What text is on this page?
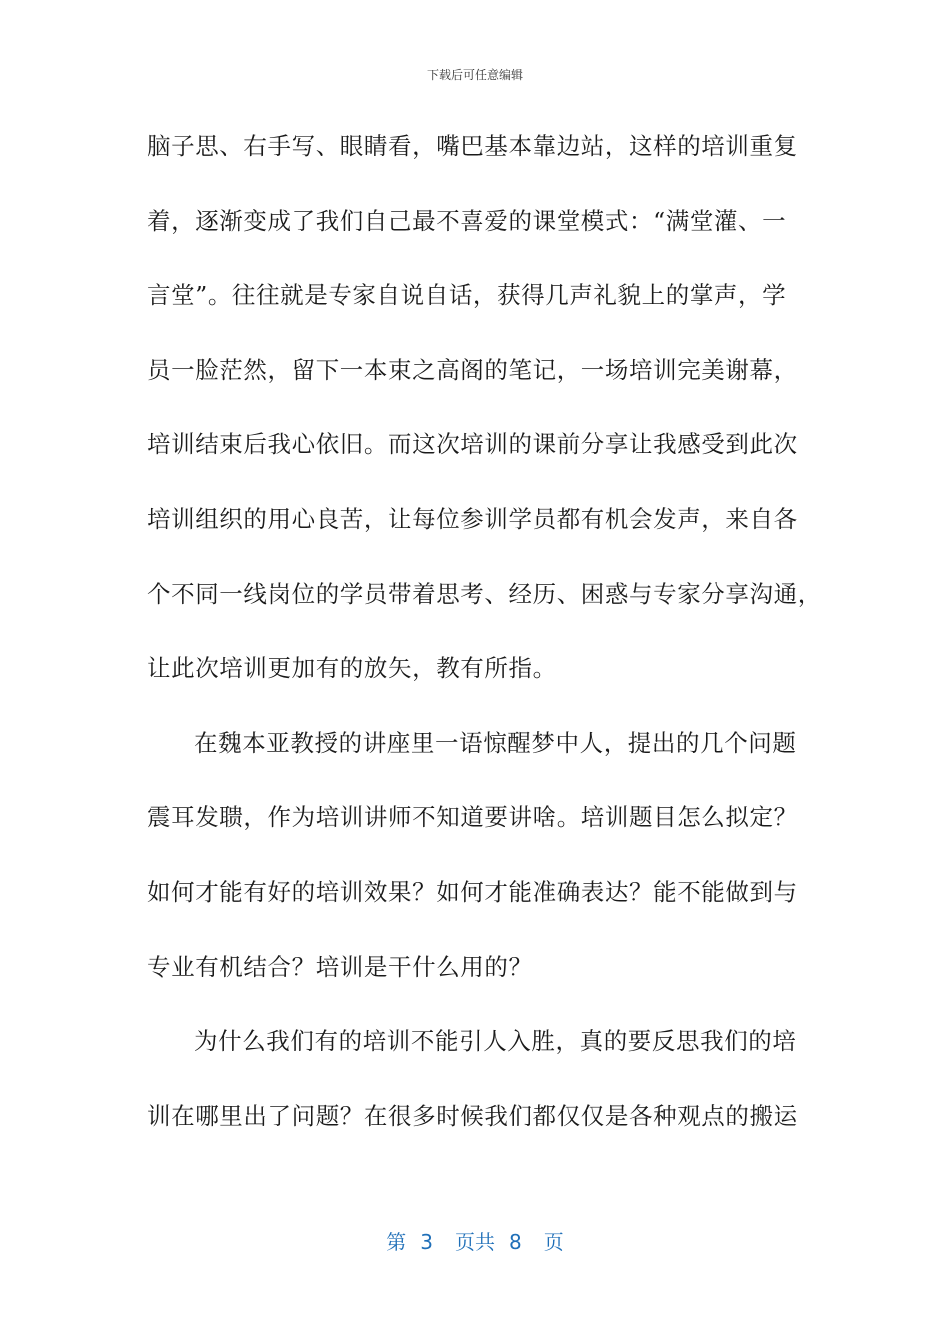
下载后可任意编辑
脑子思、右手写、眼睛看，嘴巴基本靠边站，这样的培训重复
着，逐渐变成了我们自己最不喜爱的课堂模式：“满堂灌、一
言堂”。往往就是专家自说自话，获得几声礼貌上的掌声，学
员一脸茫然，留下一本束之高阁的笔记，一场培训完美谢幕，
培训结束后我心依旧。而这次培训的课前分享让我感受到此次
培训组织的用心良苦，让每位参训学员都有机会发声，来自各
个不同一线岗位的学员带着思考、经历、困惑与专家分享沟通，
让此次培训更加有的放矢，教有所指。
在魏本亚教授的讲座里一语惊醒梦中人，提出的几个问题
震耳发聩，作为培训讲师不知道要讲啥。培训题目怎么拟定？
如何才能有好的培训效果？如何才能准确表达？能不能做到与
专业有机结合？培训是干什么用的？
为什么我们有的培训不能引人入胜，真的要反思我们的培
训在哪里出了问题？在很多时候我们都仅仅是各种观点的搬运
第 3 页共 8 页
